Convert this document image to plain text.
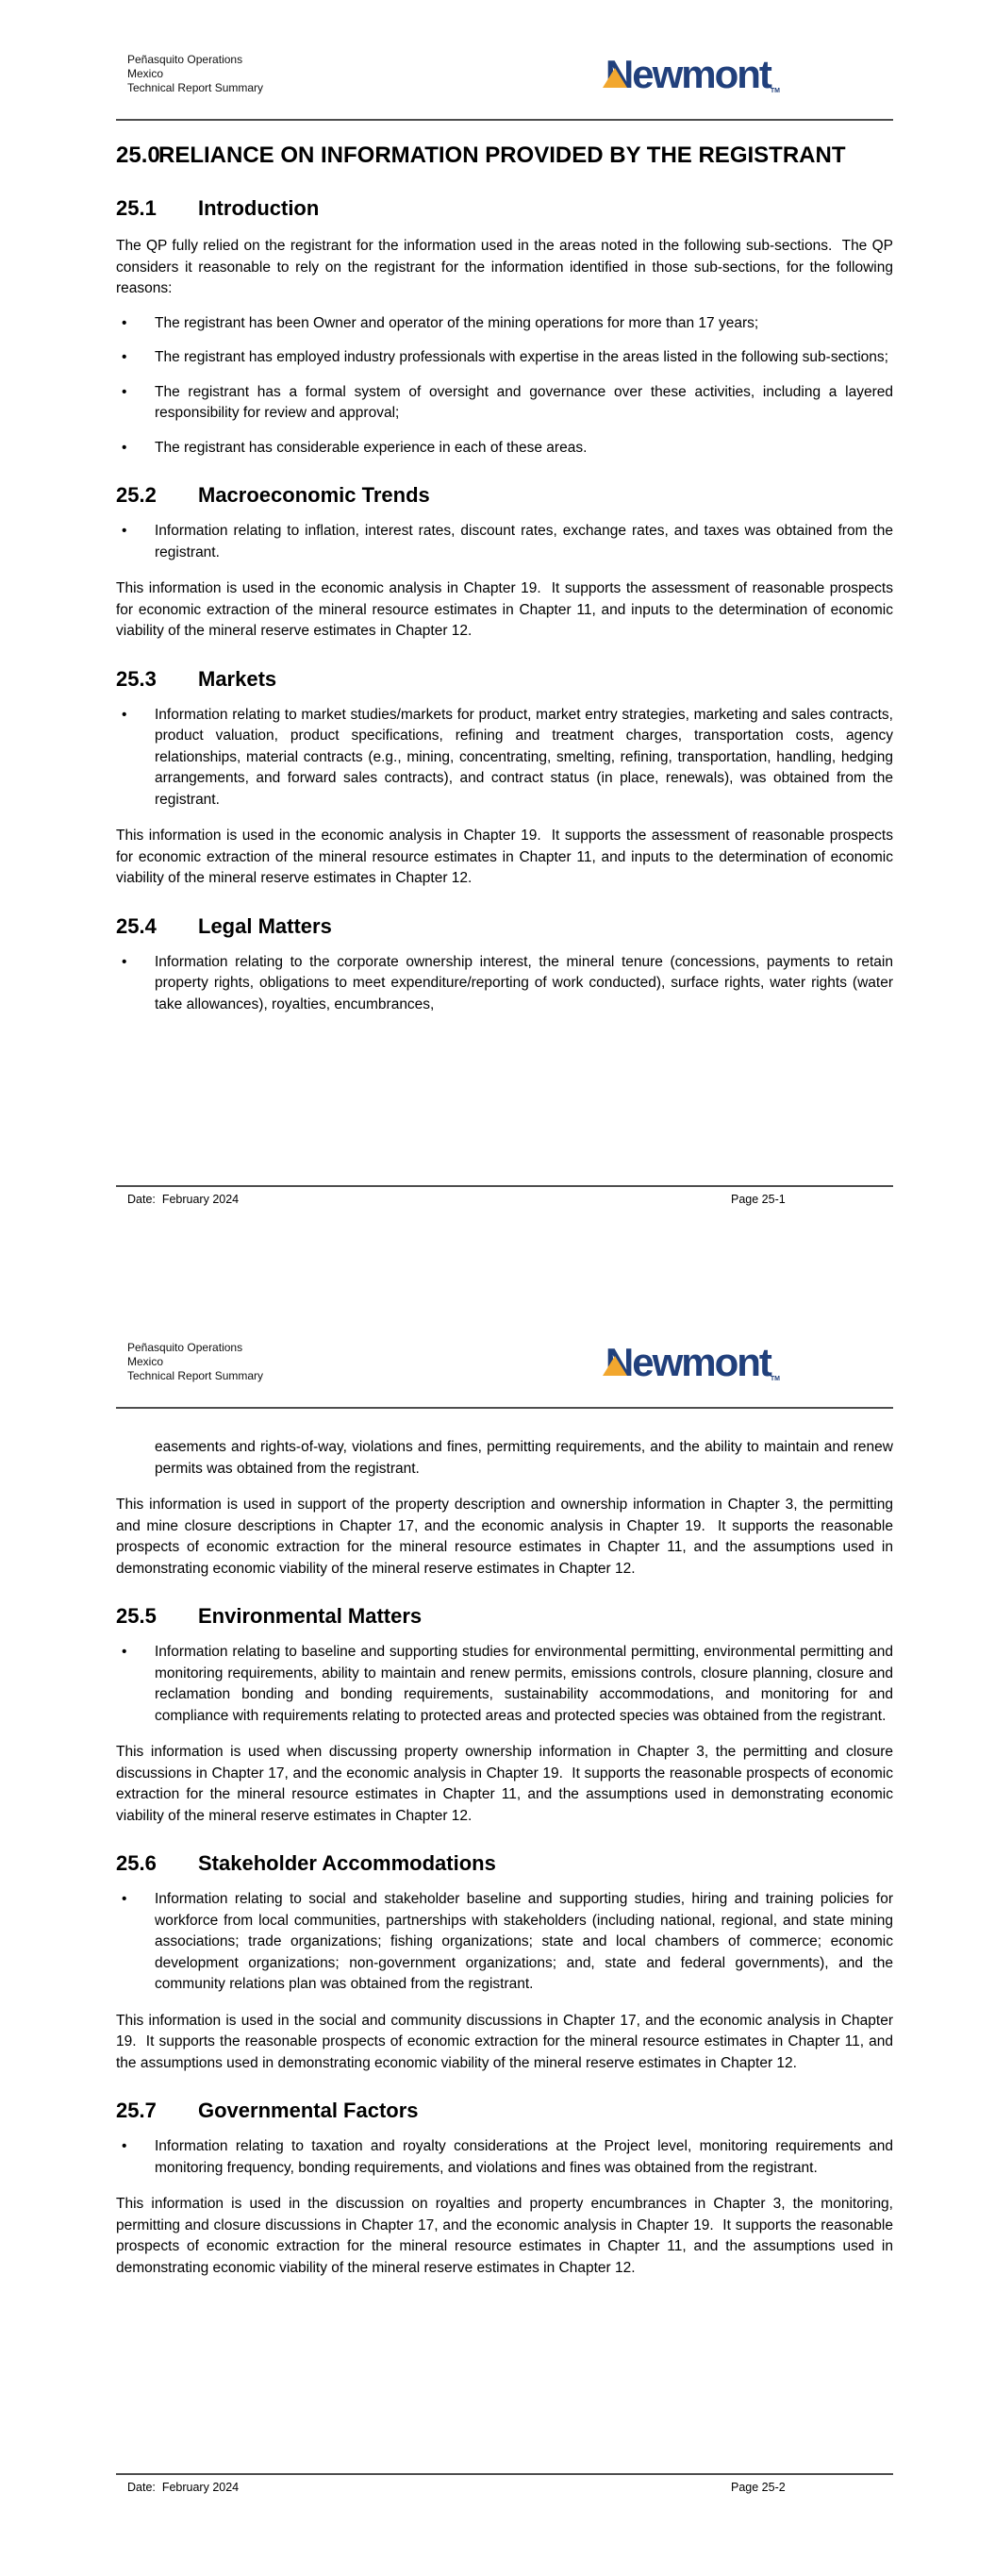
Peñasquito Operations
Mexico
Technical Report Summary	NewmontTM
25.0RELIANCE ON INFORMATION PROVIDED BY THE REGISTRANT
25.1 Introduction

The QP fully relied on the registrant for the information used in the areas noted in the following sub-sections.  The QP considers it reasonable to rely on the registrant for the information identified in those sub-sections, for the following reasons:

•	The registrant has been Owner and operator of the mining operations for more than 17 years;
•	The registrant has employed industry professionals with expertise in the areas listed in the following sub-sections;
•	The registrant has a formal system of oversight and governance over these activities, including a layered responsibility for review and approval;
•	The registrant has considerable experience in each of these areas.
25.2 Macroeconomic Trends
•	Information relating to inflation, interest rates, discount rates, exchange rates, and taxes was obtained from the registrant.

This information is used in the economic analysis in Chapter 19.  It supports the assessment of reasonable prospects for economic extraction of the mineral resource estimates in Chapter 11, and inputs to the determination of economic viability of the mineral reserve estimates in Chapter 12.

25.3 Markets
•	Information relating to market studies/markets for product, market entry strategies, marketing and sales contracts, product valuation, product specifications, refining and treatment charges, transportation costs, agency relationships, material contracts (e.g., mining, concentrating, smelting, refining, transportation, handling, hedging arrangements, and forward sales contracts), and contract status (in place, renewals), was obtained from the registrant.

This information is used in the economic analysis in Chapter 19.  It supports the assessment of reasonable prospects for economic extraction of the mineral resource estimates in Chapter 11, and inputs to the determination of economic viability of the mineral reserve estimates in Chapter 12.

25.4 Legal Matters
•	Information relating to the corporate ownership interest, the mineral tenure (concessions, payments to retain property rights, obligations to meet expenditure/reporting of work conducted), surface rights, water rights (water take allowances), royalties, encumbrances,
Date:  February 2024	Page 25-1
Peñasquito Operations
Mexico
Technical Report Summary	NewmontTM
easements and rights-of-way, violations and fines, permitting requirements, and the ability to maintain and renew permits was obtained from the registrant.

This information is used in support of the property description and ownership information in Chapter 3, the permitting and mine closure descriptions in Chapter 17, and the economic analysis in Chapter 19.  It supports the reasonable prospects of economic extraction for the mineral resource estimates in Chapter 11, and the assumptions used in demonstrating economic viability of the mineral reserve estimates in Chapter 12.

25.5 Environmental Matters
•	Information relating to baseline and supporting studies for environmental permitting, environmental permitting and monitoring requirements, ability to maintain and renew permits, emissions controls, closure planning, closure and reclamation bonding and bonding requirements, sustainability accommodations, and monitoring for and compliance with requirements relating to protected areas and protected species was obtained from the registrant.

This information is used when discussing property ownership information in Chapter 3, the permitting and closure discussions in Chapter 17, and the economic analysis in Chapter 19.  It supports the reasonable prospects of economic extraction for the mineral resource estimates in Chapter 11, and the assumptions used in demonstrating economic viability of the mineral reserve estimates in Chapter 12.

25.6 Stakeholder Accommodations
•	Information relating to social and stakeholder baseline and supporting studies, hiring and training policies for workforce from local communities, partnerships with stakeholders (including national, regional, and state mining associations; trade organizations; fishing organizations; state and local chambers of commerce; economic development organizations; non-government organizations; and, state and federal governments), and the community relations plan was obtained from the registrant.

This information is used in the social and community discussions in Chapter 17, and the economic analysis in Chapter 19.  It supports the reasonable prospects of economic extraction for the mineral resource estimates in Chapter 11, and the assumptions used in demonstrating economic viability of the mineral reserve estimates in Chapter 12.

25.7 Governmental Factors
•	Information relating to taxation and royalty considerations at the Project level, monitoring requirements and monitoring frequency, bonding requirements, and violations and fines was obtained from the registrant.

This information is used in the discussion on royalties and property encumbrances in Chapter 3, the monitoring, permitting and closure discussions in Chapter 17, and the economic analysis in Chapter 19.  It supports the reasonable prospects of economic extraction for the mineral resource estimates in Chapter 11, and the assumptions used in demonstrating economic viability of the mineral reserve estimates in Chapter 12.

Date:  February 2024	Page 25-2
